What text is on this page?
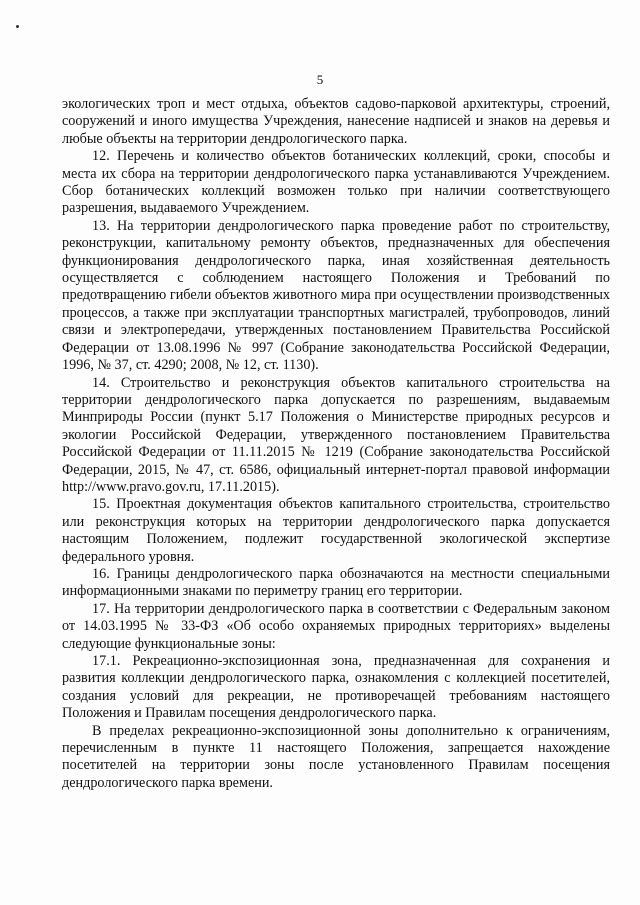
5

экологических троп и мест отдыха, объектов садово-парковой архитектуры, строений, сооружений и иного имущества Учреждения, нанесение надписей и знаков на деревья и любые объекты на территории дендрологического парка.

12. Перечень и количество объектов ботанических коллекций, сроки, способы и места их сбора на территории дендрологического парка устанавливаются Учреждением. Сбор ботанических коллекций возможен только при наличии соответствующего разрешения, выдаваемого Учреждением.

13. На территории дендрологического парка проведение работ по строительству, реконструкции, капитальному ремонту объектов, предназначенных для обеспечения функционирования дендрологического парка, иная хозяйственная деятельность осуществляется с соблюдением настоящего Положения и Требований по предотвращению гибели объектов животного мира при осуществлении производственных процессов, а также при эксплуатации транспортных магистралей, трубопроводов, линий связи и электропередачи, утвержденных постановлением Правительства Российской Федерации от 13.08.1996 № 997 (Собрание законодательства Российской Федерации, 1996, № 37, ст. 4290; 2008, № 12, ст. 1130).

14. Строительство и реконструкция объектов капитального строительства на территории дендрологического парка допускается по разрешениям, выдаваемым Минприроды России (пункт 5.17 Положения о Министерстве природных ресурсов и экологии Российской Федерации, утвержденного постановлением Правительства Российской Федерации от 11.11.2015 № 1219 (Собрание законодательства Российской Федерации, 2015, № 47, ст. 6586, официальный интернет-портал правовой информации http://www.pravo.gov.ru, 17.11.2015).

15. Проектная документация объектов капитального строительства, строительство или реконструкция которых на территории дендрологического парка допускается настоящим Положением, подлежит государственной экологической экспертизе федерального уровня.

16. Границы дендрологического парка обозначаются на местности специальными информационными знаками по периметру границ его территории.

17. На территории дендрологического парка в соответствии с Федеральным законом от 14.03.1995 № 33-ФЗ «Об особо охраняемых природных территориях» выделены следующие функциональные зоны:

17.1. Рекреационно-экспозиционная зона, предназначенная для сохранения и развития коллекции дендрологического парка, ознакомления с коллекцией посетителей, создания условий для рекреации, не противоречащей требованиям настоящего Положения и Правилам посещения дендрологического парка.

В пределах рекреационно-экспозиционной зоны дополнительно к ограничениям, перечисленным в пункте 11 настоящего Положения, запрещается нахождение посетителей на территории зоны после установленного Правилам посещения дендрологического парка времени.
